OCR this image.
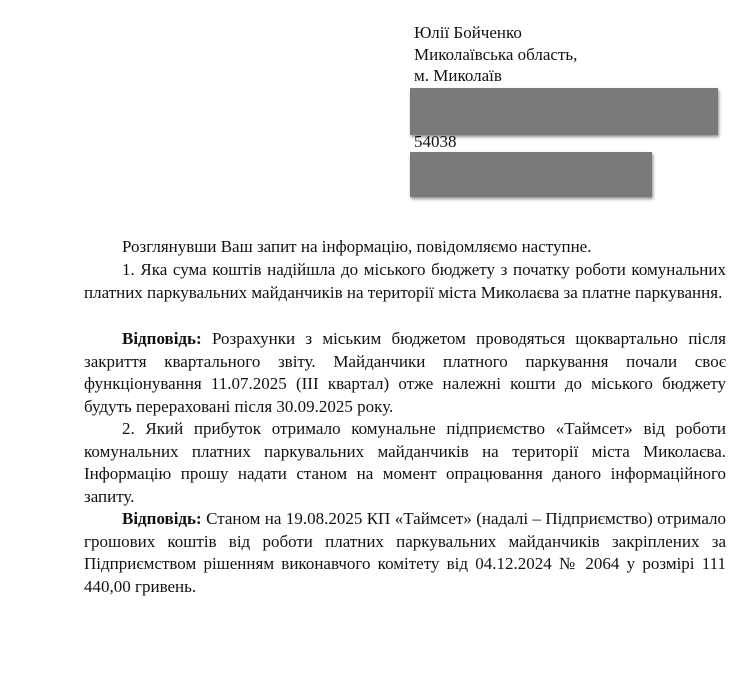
Юлії Бойченко
Миколаївська область,
м. Миколаїв
54038
Розглянувши Ваш запит на інформацію, повідомляємо наступне.
1. Яка сума коштів надійшла до міського бюджету з початку роботи комунальних платних паркувальних майданчиків на території міста Миколаєва за платне паркування.
Відповідь: Розрахунки з міським бюджетом проводяться щоквартально після закриття квартального звіту. Майданчики платного паркування почали своє функціонування 11.07.2025 (ІІІ квартал) отже належні кошти до міського бюджету будуть перераховані після 30.09.2025 року.
2. Який прибуток отримало комунальне підприємство «Таймсет» від роботи комунальних платних паркувальних майданчиків на території міста Миколаєва. Інформацію прошу надати станом на момент опрацювання даного інформаційного запиту.
Відповідь: Станом на 19.08.2025 КП «Таймсет» (надалі – Підприємство) отримало грошових коштів від роботи платних паркувальних майданчиків закріплених за Підприємством рішенням виконавчого комітету від 04.12.2024 № 2064 у розмірі 111 440,00 гривень.
